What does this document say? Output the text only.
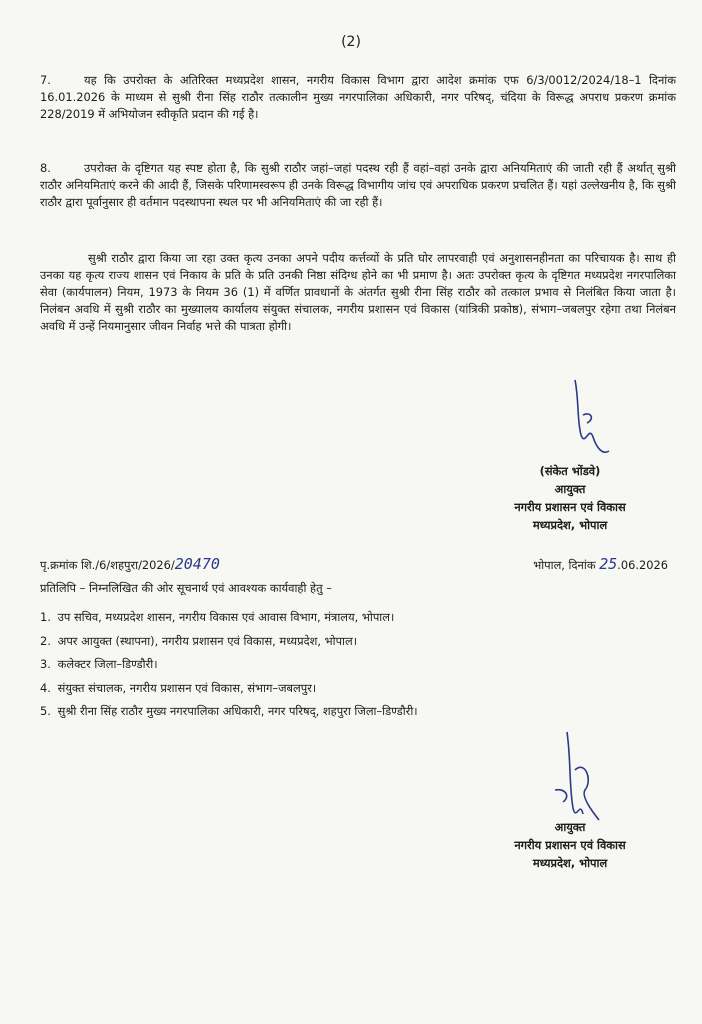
(2)
7.	यह कि उपरोक्त के अतिरिक्त मध्यप्रदेश शासन, नगरीय विकास विभाग द्वारा आदेश क्रमांक एफ 6/3/0012/2024/18–1 दिनांक 16.01.2026 के माध्यम से सुश्री रीना सिंह राठौर तत्कालीन मुख्य नगरपालिका अधिकारी, नगर परिषद्, चंदिया के विरूद्ध अपराध प्रकरण क्रमांक 228/2019 में अभियोजन स्वीकृति प्रदान की गई है।
8.	उपरोक्त के दृष्टिगत यह स्पष्ट होता है, कि सुश्री राठौर जहां–जहां पदस्थ रही हैं वहां–वहां उनके द्वारा अनियमिताएं की जाती रही हैं अर्थात् सुश्री राठौर अनियमिताएं करने की आदी हैं, जिसके परिणामस्वरूप ही उनके विरूद्ध विभागीय जांच एवं अपराधिक प्रकरण प्रचलित हैं। यहां उल्लेखनीय है, कि सुश्री राठौर द्वारा पूर्वानुसार ही वर्तमान पदस्थापना स्थल पर भी अनियमिताएं की जा रही हैं।
सुश्री राठौर द्वारा किया जा रहा उक्त कृत्य उनका अपने पदीय कर्त्तव्यों के प्रति घोर लापरवाही एवं अनुशासनहीनता का परिचायक है। साथ ही उनका यह कृत्य राज्य शासन एवं निकाय के प्रति के प्रति उनकी निष्ठा संदिग्ध होने का भी प्रमाण है। अतः उपरोक्त कृत्य के दृष्टिगत मध्यप्रदेश नगरपालिका सेवा (कार्यपालन) नियम, 1973 के नियम 36 (1) में वर्णित प्रावधानों के अंतर्गत सुश्री रीना सिंह राठौर को तत्काल प्रभाव से निलंबित किया जाता है। निलंबन अवधि में सुश्री राठौर का मुख्यालय कार्यालय संयुक्त संचालक, नगरीय प्रशासन एवं विकास (यांत्रिकी प्रकोष्ठ), संभाग–जबलपुर रहेगा तथा निलंबन अवधि में उन्हें नियमानुसार जीवन निर्वाह भत्ते की पात्रता होगी।
(संकेत भोंडवे)
आयुक्त
नगरीय प्रशासन एवं विकास
मध्यप्रदेश, भोपाल
पृ.क्रमांक शि./6/शहपुरा/2026/20470	भोपाल, दिनांक 25.06.2026
प्रतिलिपि – निम्नलिखित की ओर सूचनार्थ एवं आवश्यक कार्यवाही हेतु –
1. उप सचिव, मध्यप्रदेश शासन, नगरीय विकास एवं आवास विभाग, मंत्रालय, भोपाल।
2. अपर आयुक्त (स्थापना), नगरीय प्रशासन एवं विकास, मध्यप्रदेश, भोपाल।
3. कलेक्टर जिला–डिण्डौरी।
4. संयुक्त संचालक, नगरीय प्रशासन एवं विकास, संभाग–जबलपुर।
5. सुश्री रीना सिंह राठौर मुख्य नगरपालिका अधिकारी, नगर परिषद्, शहपुरा जिला–डिण्डौरी।
आयुक्त
नगरीय प्रशासन एवं विकास
मध्यप्रदेश, भोपाल
